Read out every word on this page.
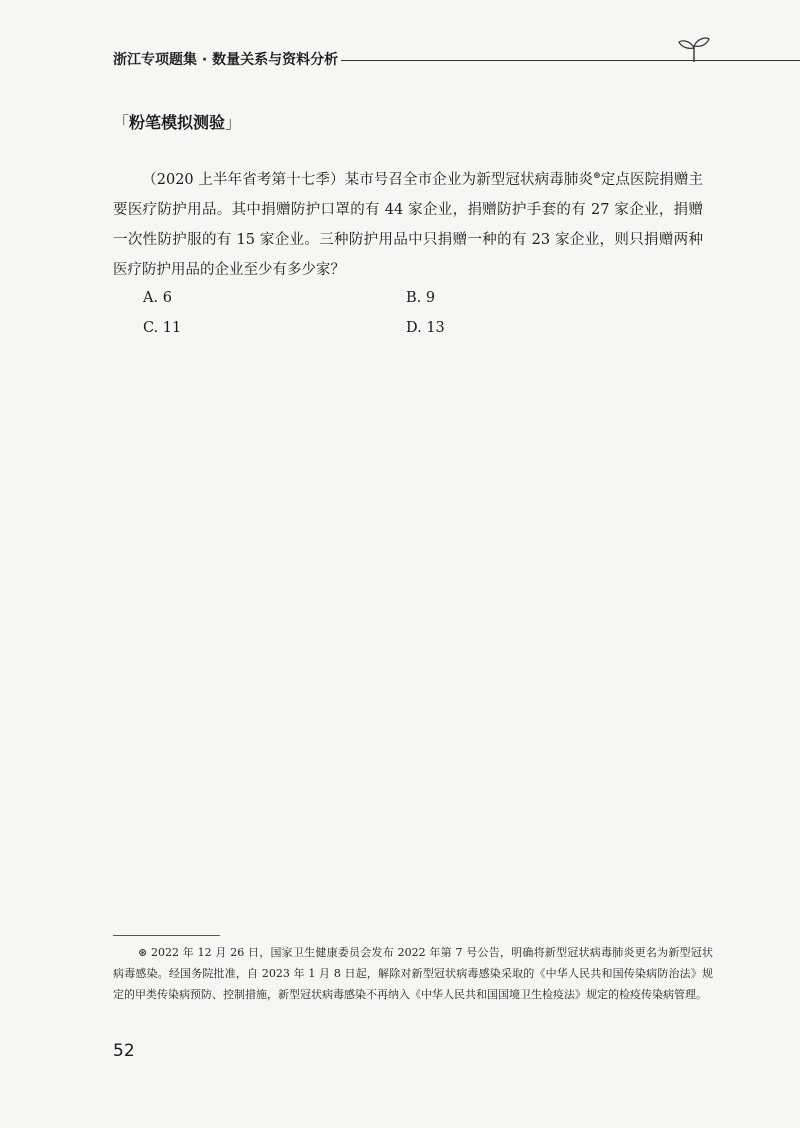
浙江专项题集 · 数量关系与资料分析
「粉笔模拟测验」
（2020 上半年省考第十七季）某市号召全市企业为新型冠状病毒肺炎⊛定点医院捐赠主要医疗防护用品。其中捐赠防护口罩的有 44 家企业，捐赠防护手套的有 27 家企业，捐赠一次性防护服的有 15 家企业。三种防护用品中只捐赠一种的有 23 家企业，则只捐赠两种医疗防护用品的企业至少有多少家？
A. 6	B. 9
C. 11	D. 13
⊛ 2022 年 12 月 26 日，国家卫生健康委员会发布 2022 年第 7 号公告，明确将新型冠状病毒肺炎更名为新型冠状病毒感染。经国务院批准，自 2023 年 1 月 8 日起，解除对新型冠状病毒感染采取的《中华人民共和国传染病防治法》规定的甲类传染病预防、控制措施，新型冠状病毒感染不再纳入《中华人民共和国国境卫生检疫法》规定的检疫传染病管理。
52
